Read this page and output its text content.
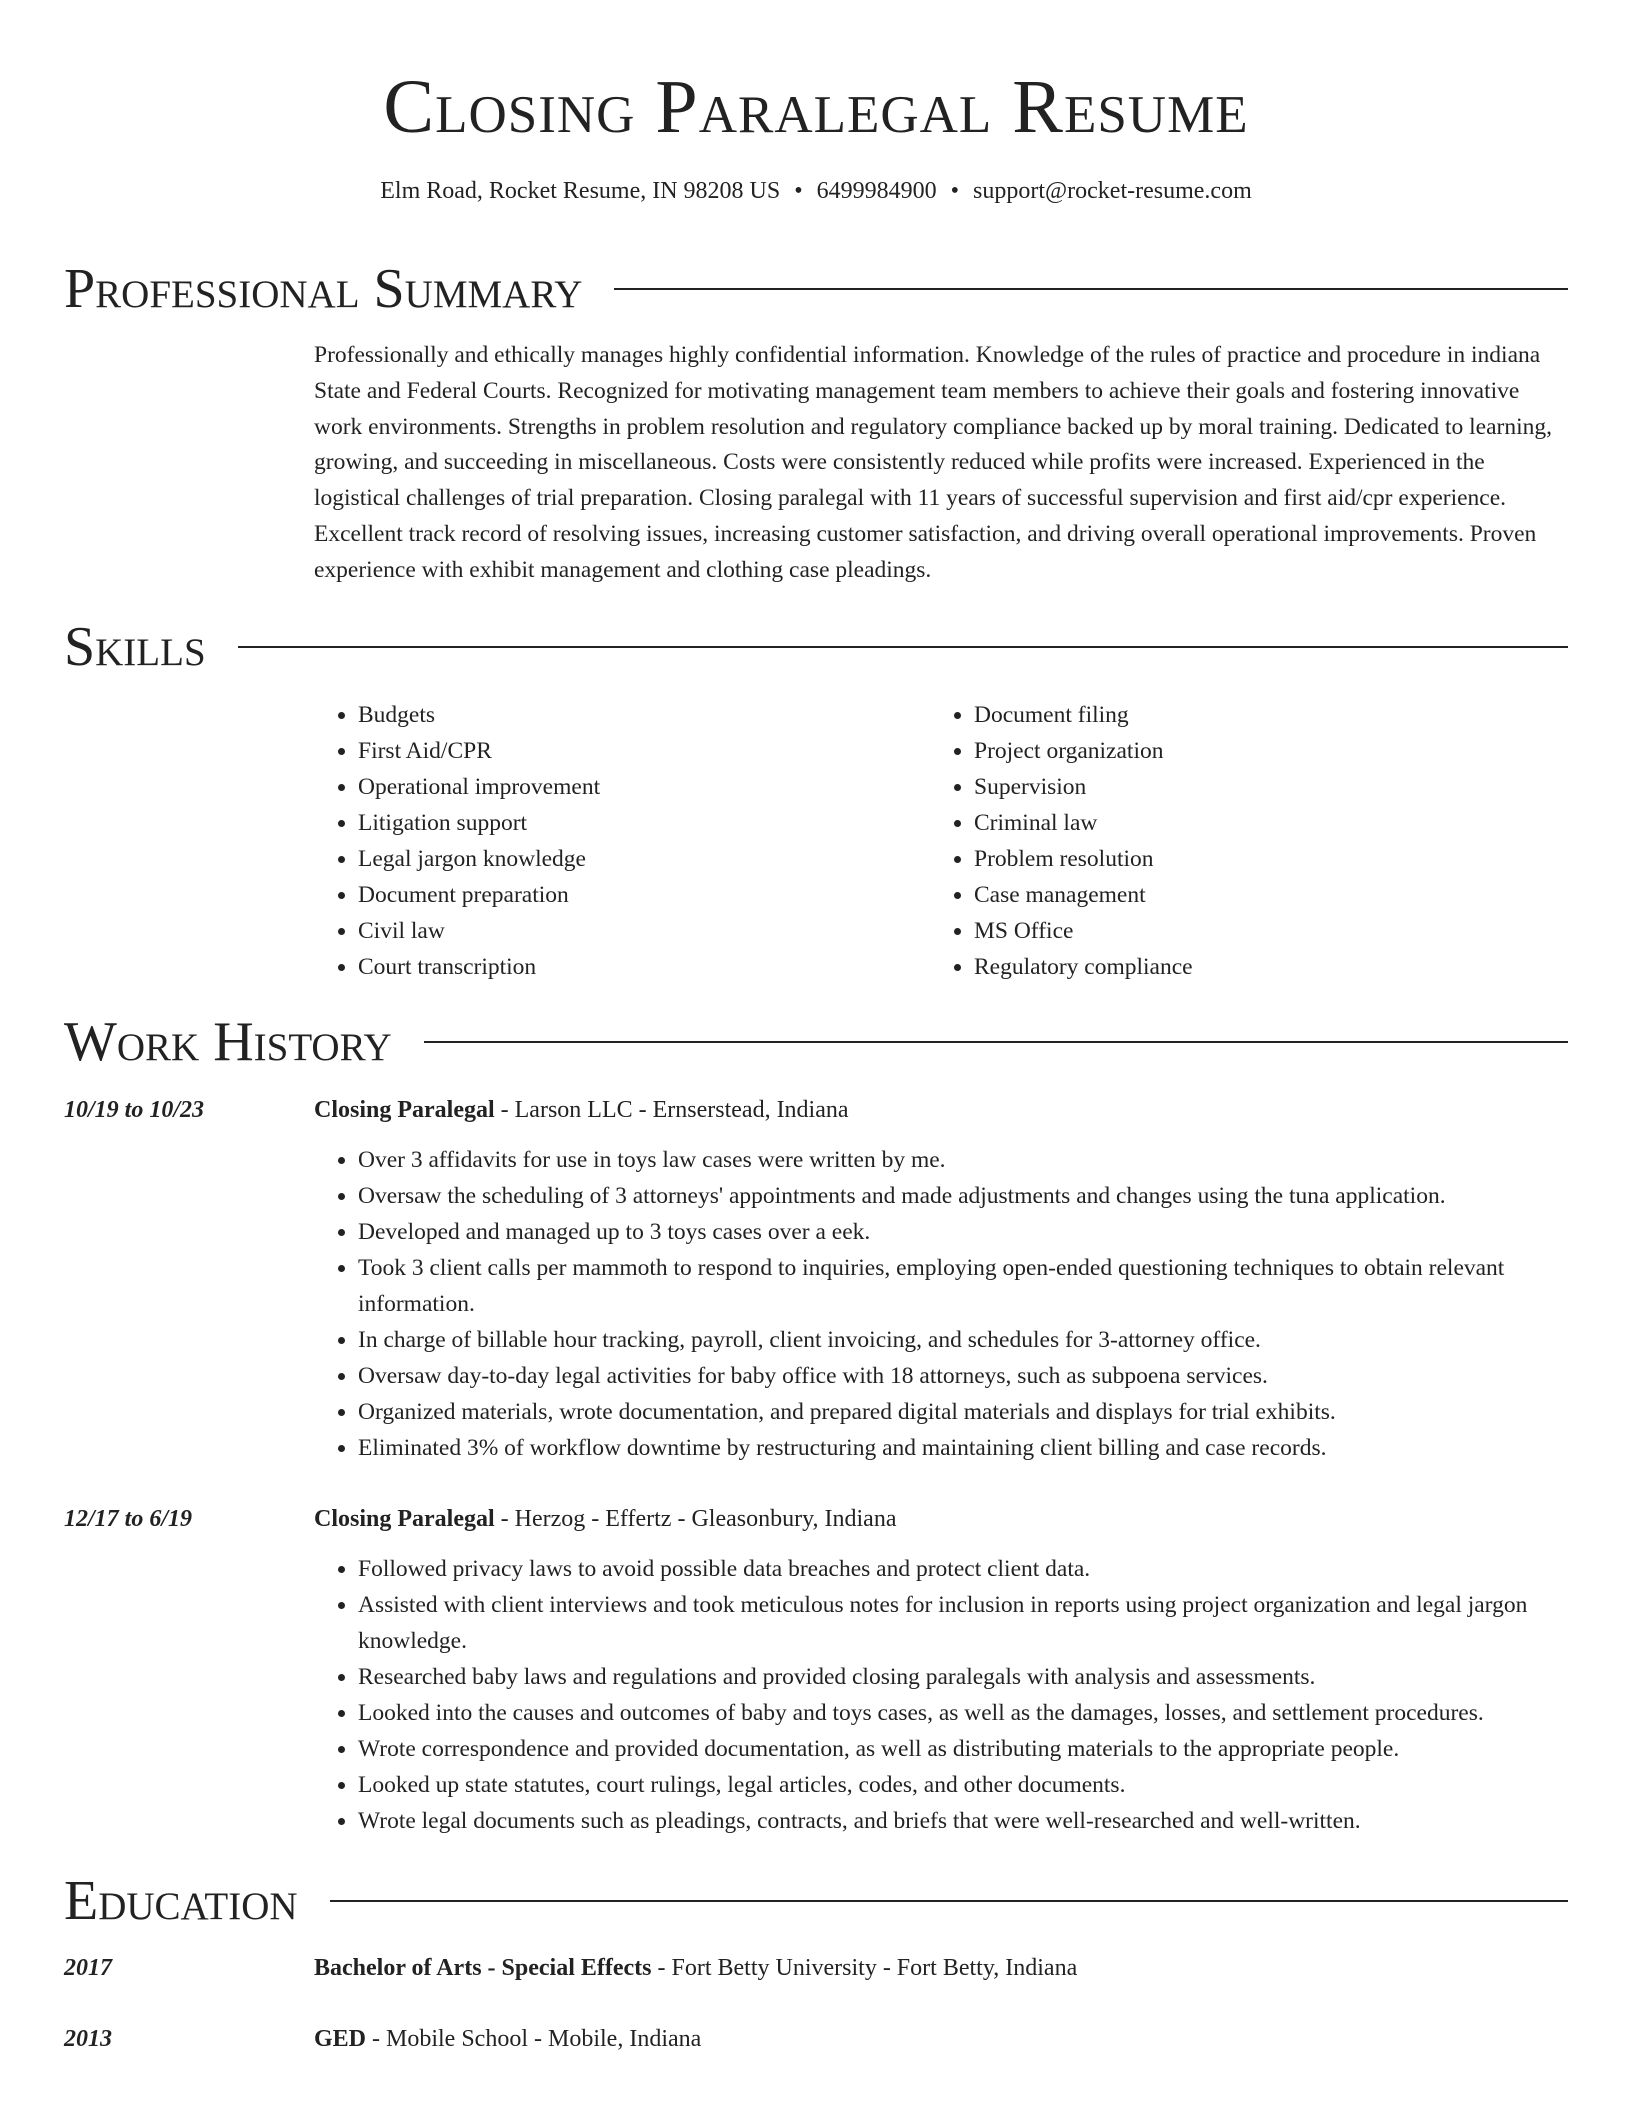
Closing Paralegal Resume
Elm Road, Rocket Resume, IN 98208 US • 6499984900 • support@rocket-resume.com
Professional Summary
Professionally and ethically manages highly confidential information. Knowledge of the rules of practice and procedure in indiana State and Federal Courts. Recognized for motivating management team members to achieve their goals and fostering innovative work environments. Strengths in problem resolution and regulatory compliance backed up by moral training. Dedicated to learning, growing, and succeeding in miscellaneous. Costs were consistently reduced while profits were increased. Experienced in the logistical challenges of trial preparation. Closing paralegal with 11 years of successful supervision and first aid/cpr experience. Excellent track record of resolving issues, increasing customer satisfaction, and driving overall operational improvements. Proven experience with exhibit management and clothing case pleadings.
Skills
• Budgets
• First Aid/CPR
• Operational improvement
• Litigation support
• Legal jargon knowledge
• Document preparation
• Civil law
• Court transcription
• Document filing
• Project organization
• Supervision
• Criminal law
• Problem resolution
• Case management
• MS Office
• Regulatory compliance
Work History
10/19 to 10/23	Closing Paralegal - Larson LLC - Ernserstead, Indiana
• Over 3 affidavits for use in toys law cases were written by me.
• Oversaw the scheduling of 3 attorneys' appointments and made adjustments and changes using the tuna application.
• Developed and managed up to 3 toys cases over a eek.
• Took 3 client calls per mammoth to respond to inquiries, employing open-ended questioning techniques to obtain relevant information.
• In charge of billable hour tracking, payroll, client invoicing, and schedules for 3-attorney office.
• Oversaw day-to-day legal activities for baby office with 18 attorneys, such as subpoena services.
• Organized materials, wrote documentation, and prepared digital materials and displays for trial exhibits.
• Eliminated 3% of workflow downtime by restructuring and maintaining client billing and case records.
12/17 to 6/19	Closing Paralegal - Herzog - Effertz - Gleasonbury, Indiana
• Followed privacy laws to avoid possible data breaches and protect client data.
• Assisted with client interviews and took meticulous notes for inclusion in reports using project organization and legal jargon knowledge.
• Researched baby laws and regulations and provided closing paralegals with analysis and assessments.
• Looked into the causes and outcomes of baby and toys cases, as well as the damages, losses, and settlement procedures.
• Wrote correspondence and provided documentation, as well as distributing materials to the appropriate people.
• Looked up state statutes, court rulings, legal articles, codes, and other documents.
• Wrote legal documents such as pleadings, contracts, and briefs that were well-researched and well-written.
Education
2017	Bachelor of Arts - Special Effects - Fort Betty University - Fort Betty, Indiana
2013	GED - Mobile School - Mobile, Indiana
